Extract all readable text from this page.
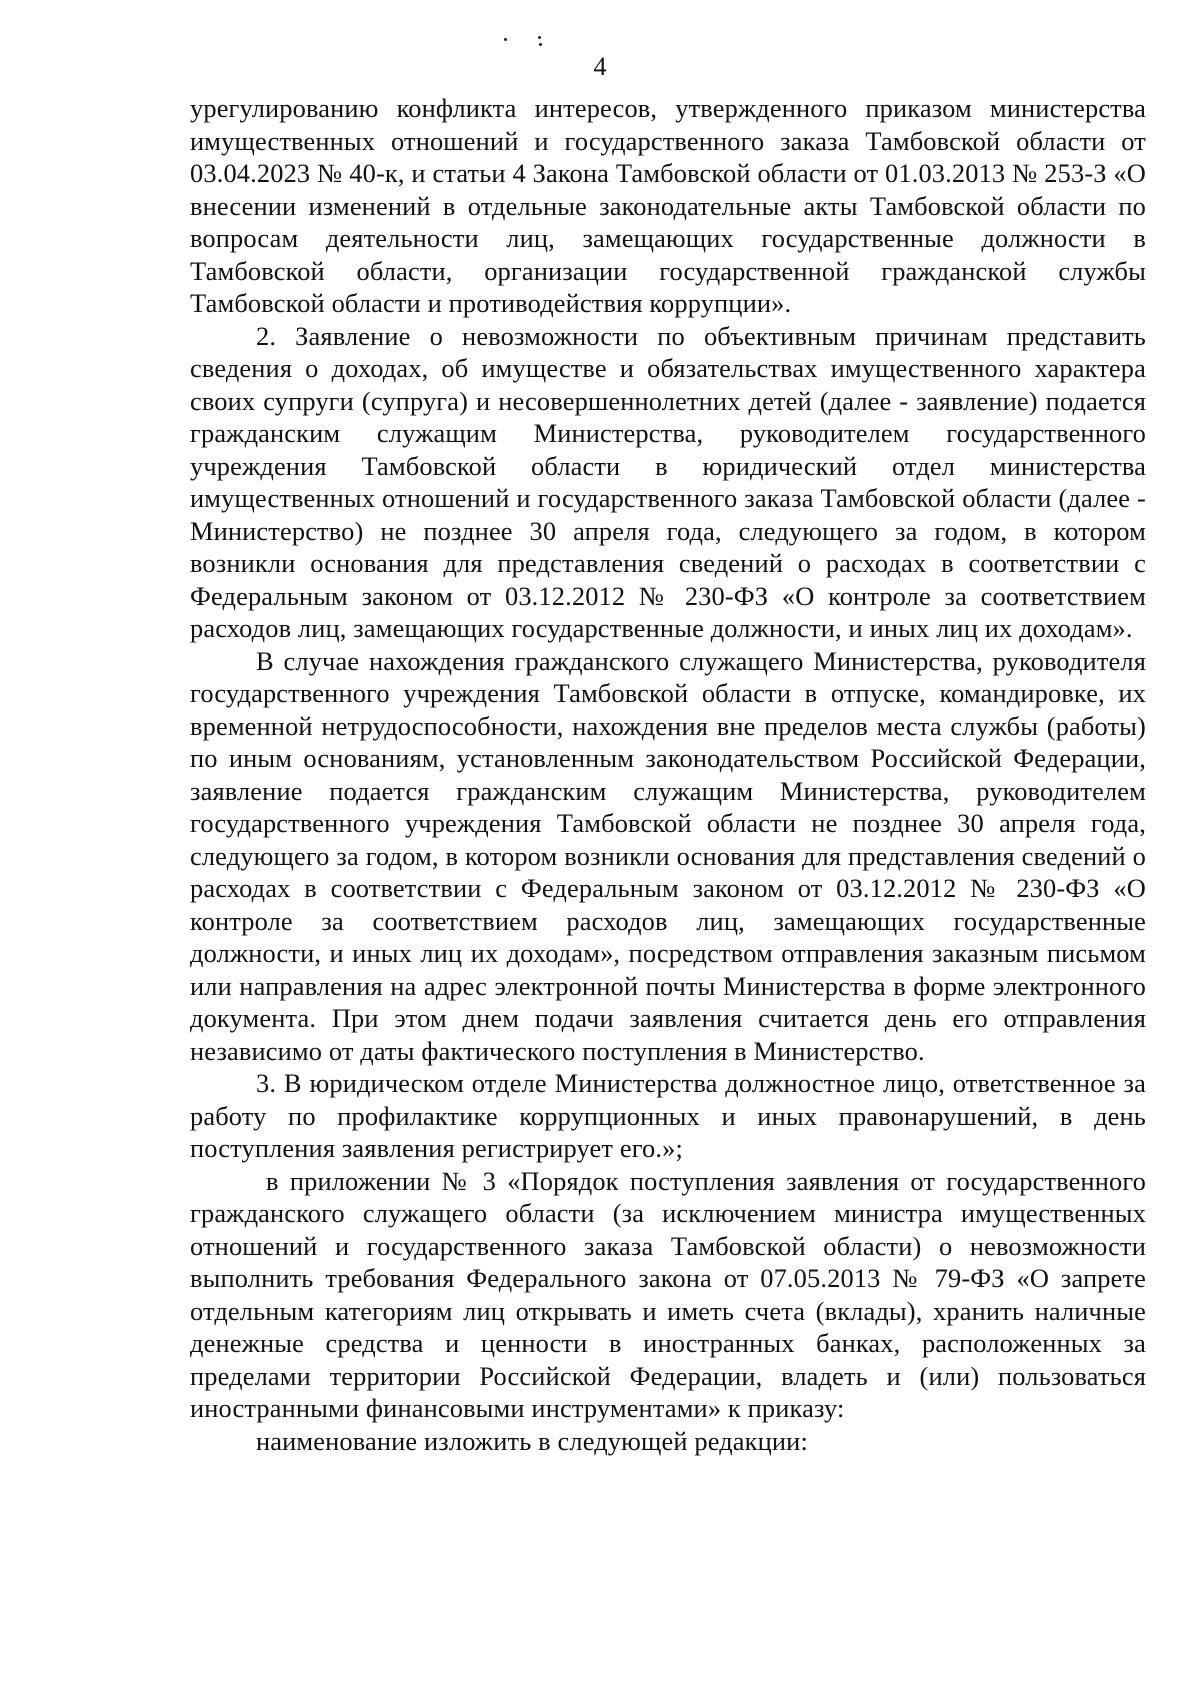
4

урегулированию конфликта интересов, утвержденного приказом министерства имущественных отношений и государственного заказа Тамбовской области от 03.04.2023 № 40-к, и статьи 4 Закона Тамбовской области от 01.03.2013 № 253-З «О внесении изменений в отдельные законодательные акты Тамбовской области по вопросам деятельности лиц, замещающих государственные должности в Тамбовской области, организации государственной гражданской службы Тамбовской области и противодействия коррупции».

2. Заявление о невозможности по объективным причинам представить сведения о доходах, об имуществе и обязательствах имущественного характера своих супруги (супруга) и несовершеннолетних детей (далее - заявление) подается гражданским служащим Министерства, руководителем государственного учреждения Тамбовской области в юридический отдел министерства имущественных отношений и государственного заказа Тамбовской области (далее - Министерство) не позднее 30 апреля года, следующего за годом, в котором возникли основания для представления сведений о расходах в соответствии с Федеральным законом от 03.12.2012 № 230-ФЗ «О контроле за соответствием расходов лиц, замещающих государственные должности, и иных лиц их доходам».

В случае нахождения гражданского служащего Министерства, руководителя государственного учреждения Тамбовской области в отпуске, командировке, их временной нетрудоспособности, нахождения вне пределов места службы (работы) по иным основаниям, установленным законодательством Российской Федерации, заявление подается гражданским служащим Министерства, руководителем государственного учреждения Тамбовской области не позднее 30 апреля года, следующего за годом, в котором возникли основания для представления сведений о расходах в соответствии с Федеральным законом от 03.12.2012 № 230-ФЗ «О контроле за соответствием расходов лиц, замещающих государственные должности, и иных лиц их доходам», посредством отправления заказным письмом или направления на адрес электронной почты Министерства в форме электронного документа. При этом днем подачи заявления считается день его отправления независимо от даты фактического поступления в Министерство.

3. В юридическом отделе Министерства должностное лицо, ответственное за работу по профилактике коррупционных и иных правонарушений, в день поступления заявления регистрирует его.»;

в приложении № 3 «Порядок поступления заявления от государственного гражданского служащего области (за исключением министра имущественных отношений и государственного заказа Тамбовской области) о невозможности выполнить требования Федерального закона от 07.05.2013 № 79-ФЗ «О запрете отдельным категориям лиц открывать и иметь счета (вклады), хранить наличные денежные средства и ценности в иностранных банках, расположенных за пределами территории Российской Федерации, владеть и (или) пользоваться иностранными финансовыми инструментами» к приказу:

наименование изложить в следующей редакции:
